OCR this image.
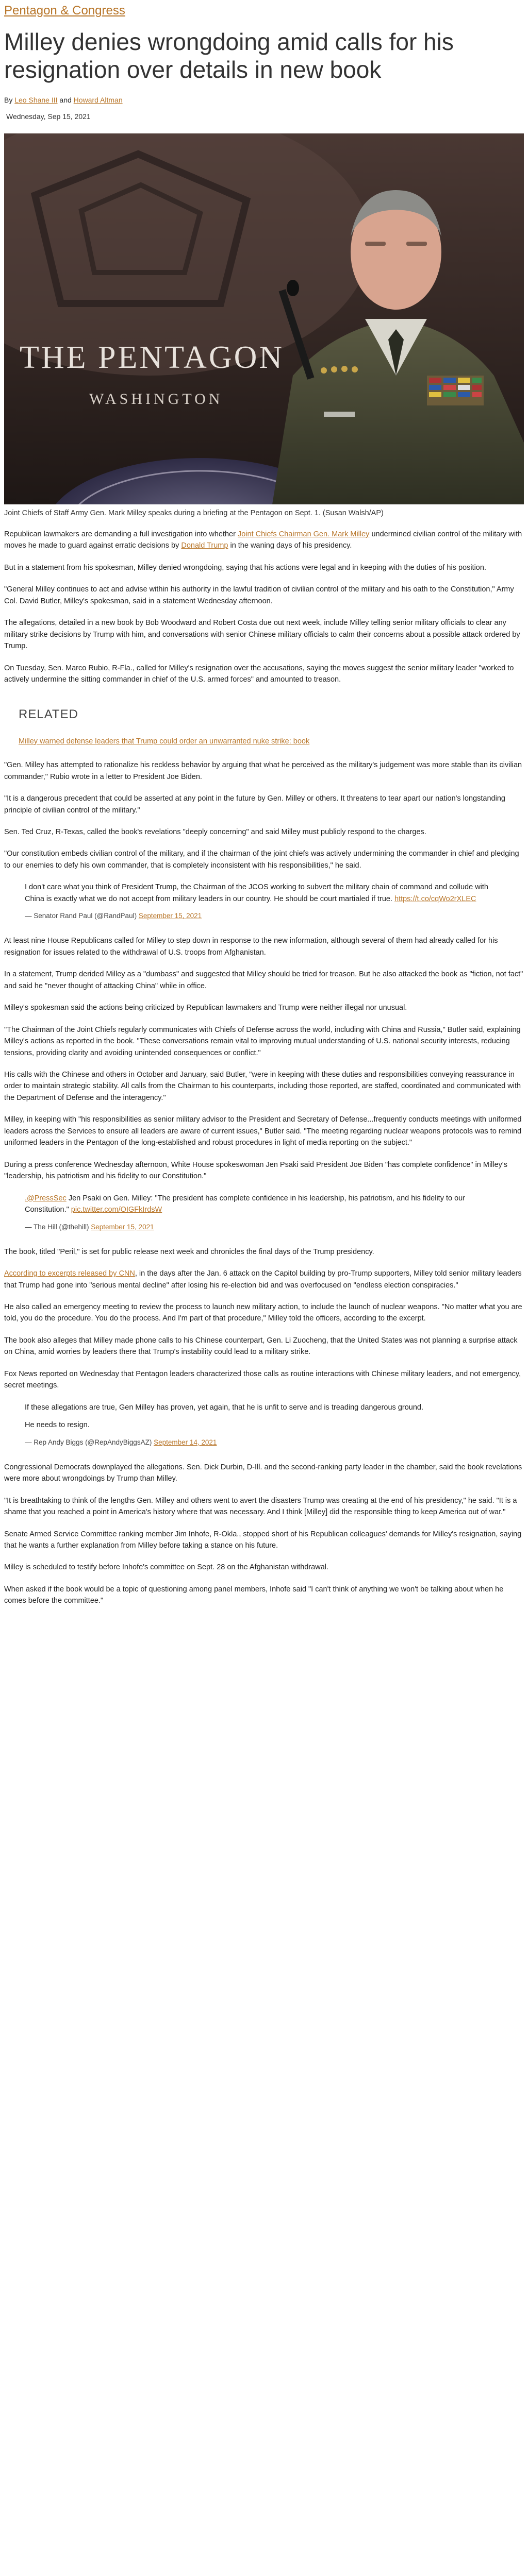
Pentagon & Congress
Milley denies wrongdoing amid calls for his resignation over details in new book
By Leo Shane III and Howard Altman
Wednesday, Sep 15, 2021
THE PENTAGON
WASHINGTON
Joint Chiefs of Staff Army Gen. Mark Milley speaks during a briefing at the Pentagon on Sept. 1. (Susan Walsh/AP)

Republican lawmakers are demanding a full investigation into whether Joint Chiefs Chairman Gen. Mark Milley undermined civilian control of the military with moves he made to guard against erratic decisions by Donald Trump in the waning days of his presidency.

But in a statement from his spokesman, Milley denied wrongdoing, saying that his actions were legal and in keeping with the duties of his position.

"General Milley continues to act and advise within his authority in the lawful tradition of civilian control of the military and his oath to the Constitution," Army Col. David Butler, Milley's spokesman, said in a statement Wednesday afternoon.

The allegations, detailed in a new book by Bob Woodward and Robert Costa due out next week, include Milley telling senior military officials to clear any military strike decisions by Trump with him, and conversations with senior Chinese military officials to calm their concerns about a possible attack ordered by Trump.

On Tuesday, Sen. Marco Rubio, R-Fla., called for Milley's resignation over the accusations, saying the moves suggest the senior military leader "worked to actively undermine the sitting commander in chief of the U.S. armed forces" and amounted to treason.

RELATED
Milley warned defense leaders that Trump could order an unwarranted nuke strike: book

"Gen. Milley has attempted to rationalize his reckless behavior by arguing that what he perceived as the military's judgement was more stable than its civilian commander," Rubio wrote in a letter to President Joe Biden.

"It is a dangerous precedent that could be asserted at any point in the future by Gen. Milley or others. It threatens to tear apart our nation's longstanding principle of civilian control of the military."

Sen. Ted Cruz, R-Texas, called the book's revelations "deeply concerning" and said Milley must publicly respond to the charges.

"Our constitution embeds civilian control of the military, and if the chairman of the joint chiefs was actively undermining the commander in chief and pledging to our enemies to defy his own commander, that is completely inconsistent with his responsibilities," he said.

I don't care what you think of President Trump, the Chairman of the JCOS working to subvert the military chain of command and collude with China is exactly what we do not accept from military leaders in our country. He should be court martialed if true. https://t.co/cqWo2rXLEC

— Senator Rand Paul (@RandPaul) September 15, 2021

At least nine House Republicans called for Milley to step down in response to the new information, although several of them had already called for his resignation for issues related to the withdrawal of U.S. troops from Afghanistan.

In a statement, Trump derided Milley as a "dumbass" and suggested that Milley should be tried for treason. But he also attacked the book as "fiction, not fact" and said he "never thought of attacking China" while in office.

Milley's spokesman said the actions being criticized by Republican lawmakers and Trump were neither illegal nor unusual.

"The Chairman of the Joint Chiefs regularly communicates with Chiefs of Defense across the world, including with China and Russia," Butler said, explaining Milley's actions as reported in the book. "These conversations remain vital to improving mutual understanding of U.S. national security interests, reducing tensions, providing clarity and avoiding unintended consequences or conflict."

His calls with the Chinese and others in October and January, said Butler, "were in keeping with these duties and responsibilities conveying reassurance in order to maintain strategic stability. All calls from the Chairman to his counterparts, including those reported, are staffed, coordinated and communicated with the Department of Defense and the interagency."

Milley, in keeping with "his responsibilities as senior military advisor to the President and Secretary of Defense...frequently conducts meetings with uniformed leaders across the Services to ensure all leaders are aware of current issues," Butler said. "The meeting regarding nuclear weapons protocols was to remind uniformed leaders in the Pentagon of the long-established and robust procedures in light of media reporting on the subject."

During a press conference Wednesday afternoon, White House spokeswoman Jen Psaki said President Joe Biden "has complete confidence" in Milley's "leadership, his patriotism and his fidelity to our Constitution."

.@PressSec Jen Psaki on Gen. Milley: "The president has complete confidence in his leadership, his patriotism, and his fidelity to our Constitution." pic.twitter.com/OIGFkIrdsW

— The Hill (@thehill) September 15, 2021

The book, titled "Peril," is set for public release next week and chronicles the final days of the Trump presidency.

According to excerpts released by CNN, in the days after the Jan. 6 attack on the Capitol building by pro-Trump supporters, Milley told senior military leaders that Trump had gone into "serious mental decline" after losing his re-election bid and was overfocused on "endless election conspiracies."

He also called an emergency meeting to review the process to launch new military action, to include the launch of nuclear weapons. "No matter what you are told, you do the procedure. You do the process. And I'm part of that procedure," Milley told the officers, according to the excerpt.

The book also alleges that Milley made phone calls to his Chinese counterpart, Gen. Li Zuocheng, that the United States was not planning a surprise attack on China, amid worries by leaders there that Trump's instability could lead to a military strike.

Fox News reported on Wednesday that Pentagon leaders characterized those calls as routine interactions with Chinese military leaders, and not emergency, secret meetings.

If these allegations are true, Gen Milley has proven, yet again, that he is unfit to serve and is treading dangerous ground.

He needs to resign.

— Rep Andy Biggs (@RepAndyBiggsAZ) September 14, 2021

Congressional Democrats downplayed the allegations. Sen. Dick Durbin, D-Ill. and the second-ranking party leader in the chamber, said the book revelations were more about wrongdoings by Trump than Milley.

"It is breathtaking to think of the lengths Gen. Milley and others went to avert the disasters Trump was creating at the end of his presidency," he said. "It is a shame that you reached a point in America's history where that was necessary. And I think [Milley] did the responsible thing to keep America out of war."

Senate Armed Service Committee ranking member Jim Inhofe, R-Okla., stopped short of his Republican colleagues' demands for Milley's resignation, saying that he wants a further explanation from Milley before taking a stance on his future.

Milley is scheduled to testify before Inhofe's committee on Sept. 28 on the Afghanistan withdrawal.

When asked if the book would be a topic of questioning among panel members, Inhofe said "I can't think of anything we won't be talking about when he comes before the committee."
